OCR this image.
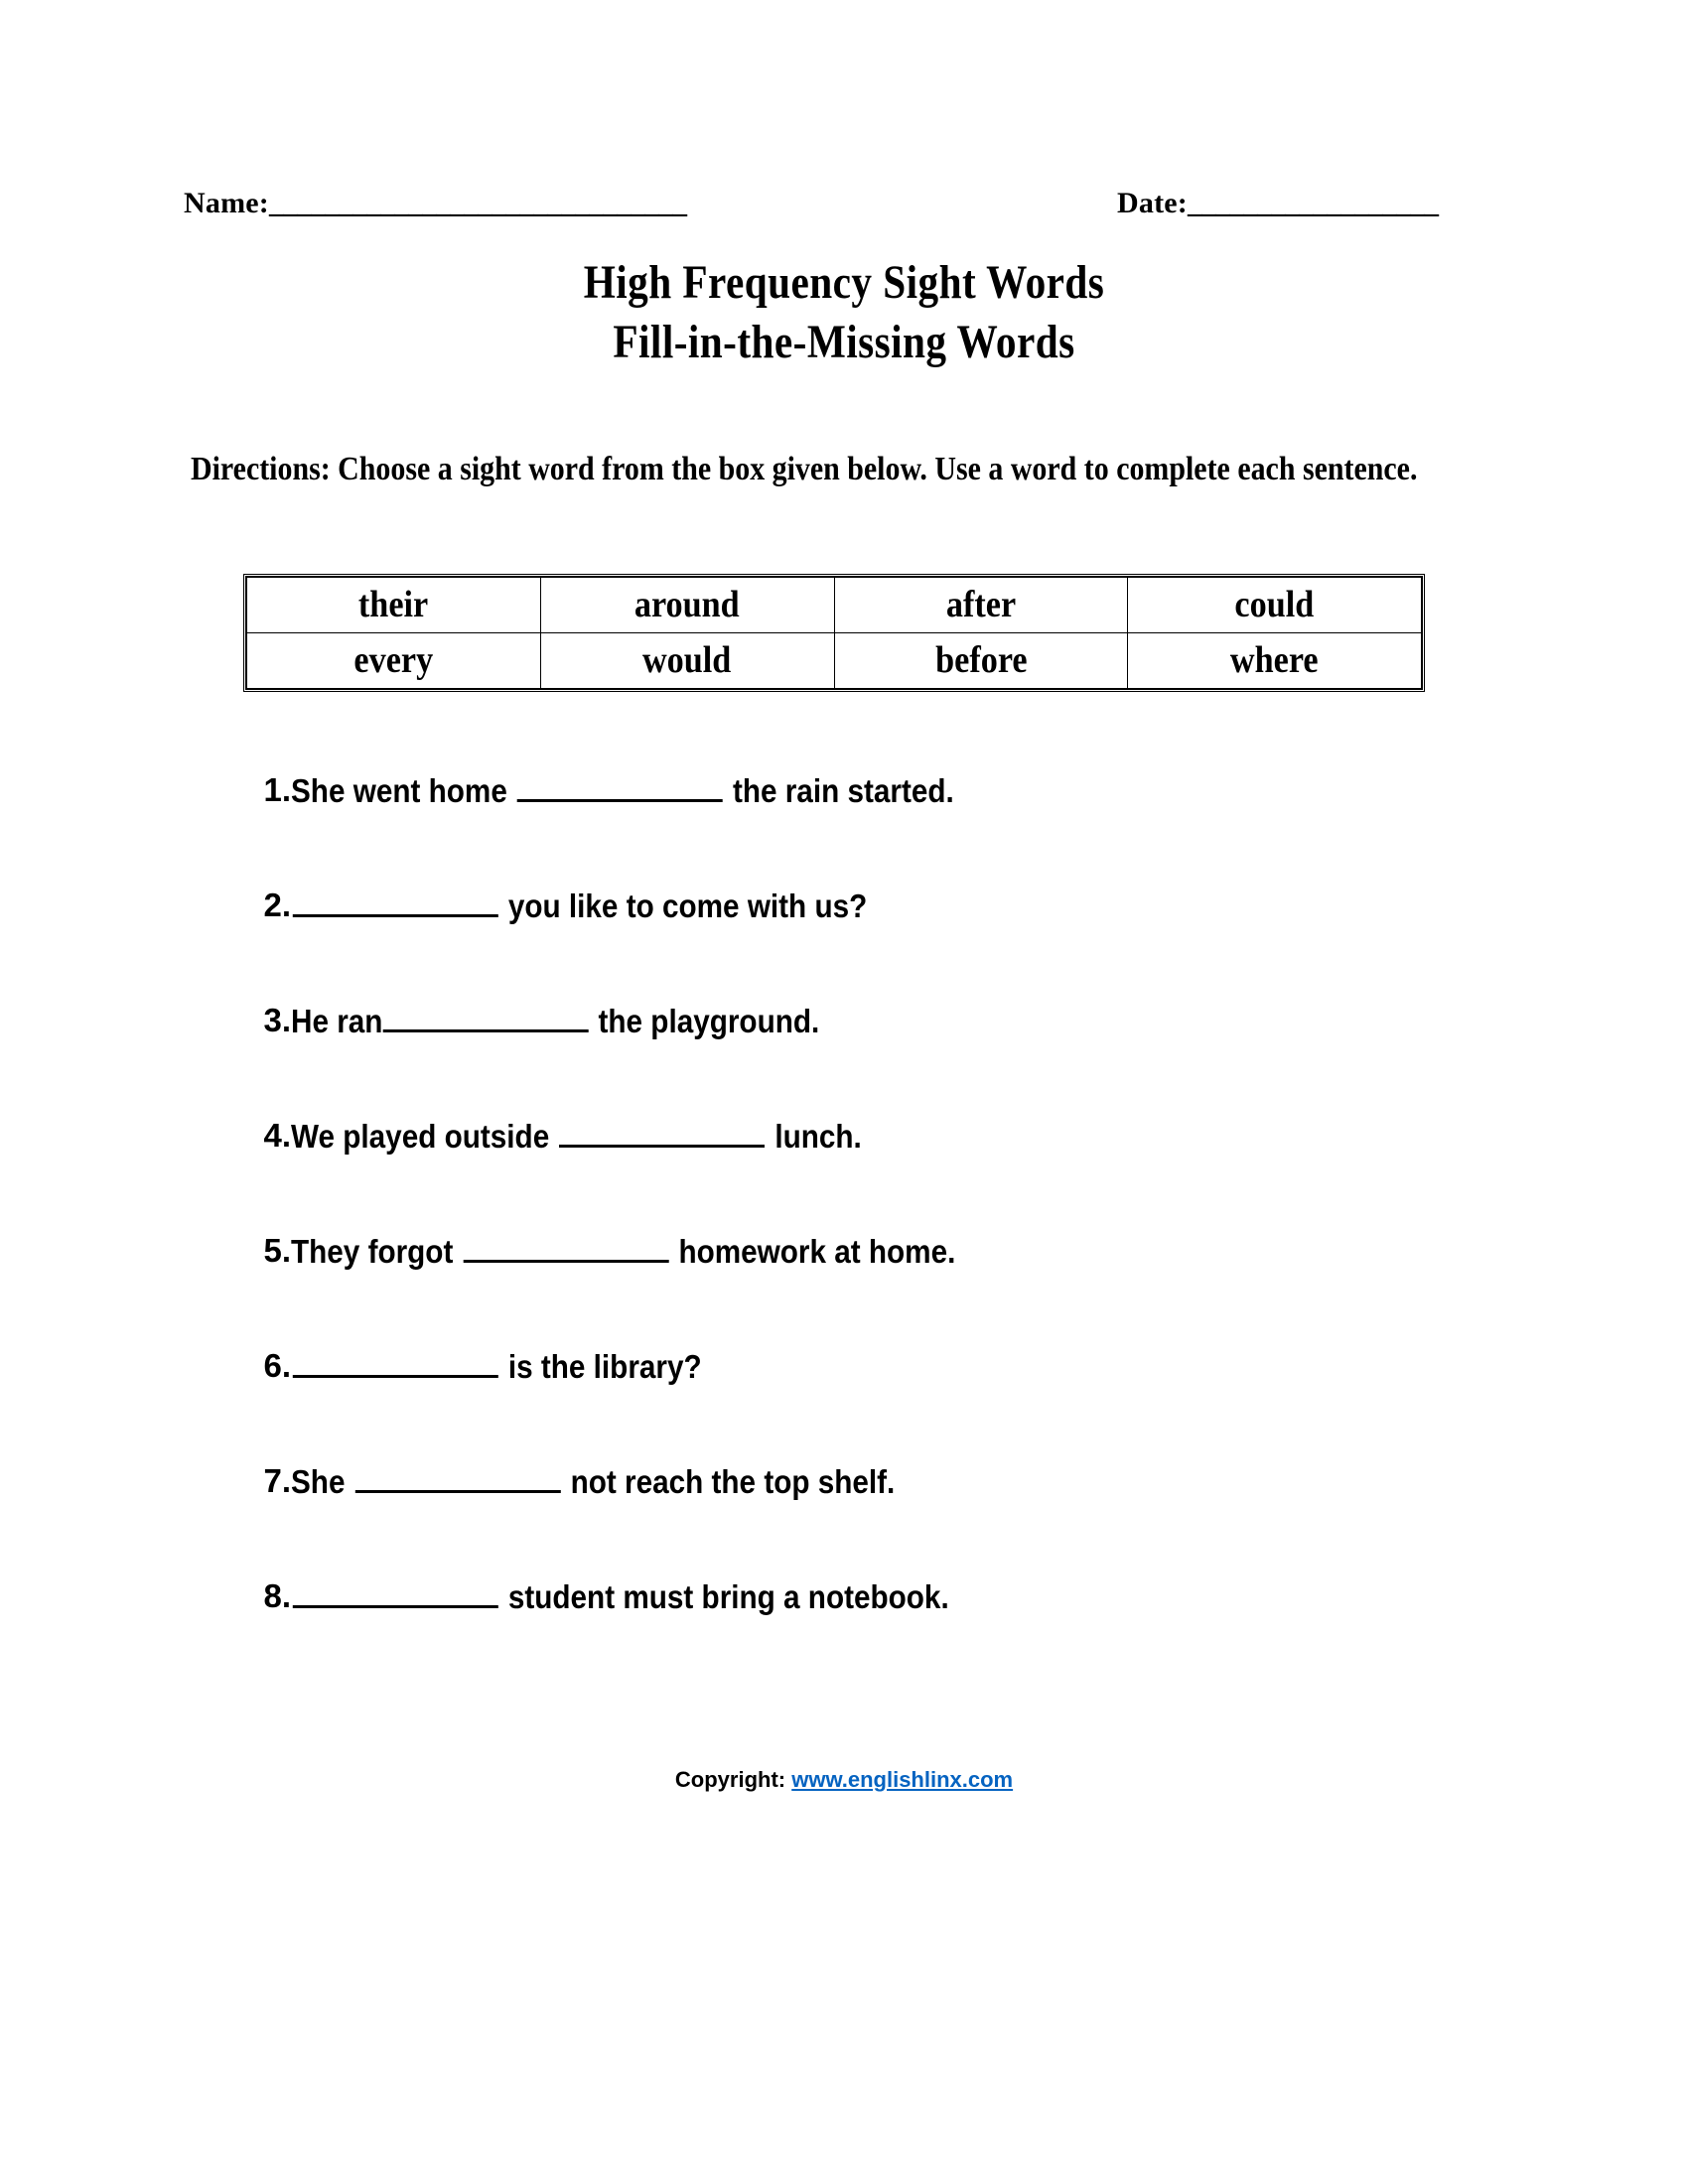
Name:______________________________	Date:__________________
High Frequency Sight Words
Fill-in-the-Missing Words
Directions: Choose a sight word from the box given below. Use a word to complete each sentence.
their	around	after	could
every	would	before	where
1. She went home	the rain started.
2.	you like to come with us?
3. He ran	the playground.
4. We played outside	lunch.
5. They forgot	homework at home.
6.	is the library?
7. She	not reach the top shelf.
8.	student must bring a notebook.
Copyright: www.englishlinx.com
